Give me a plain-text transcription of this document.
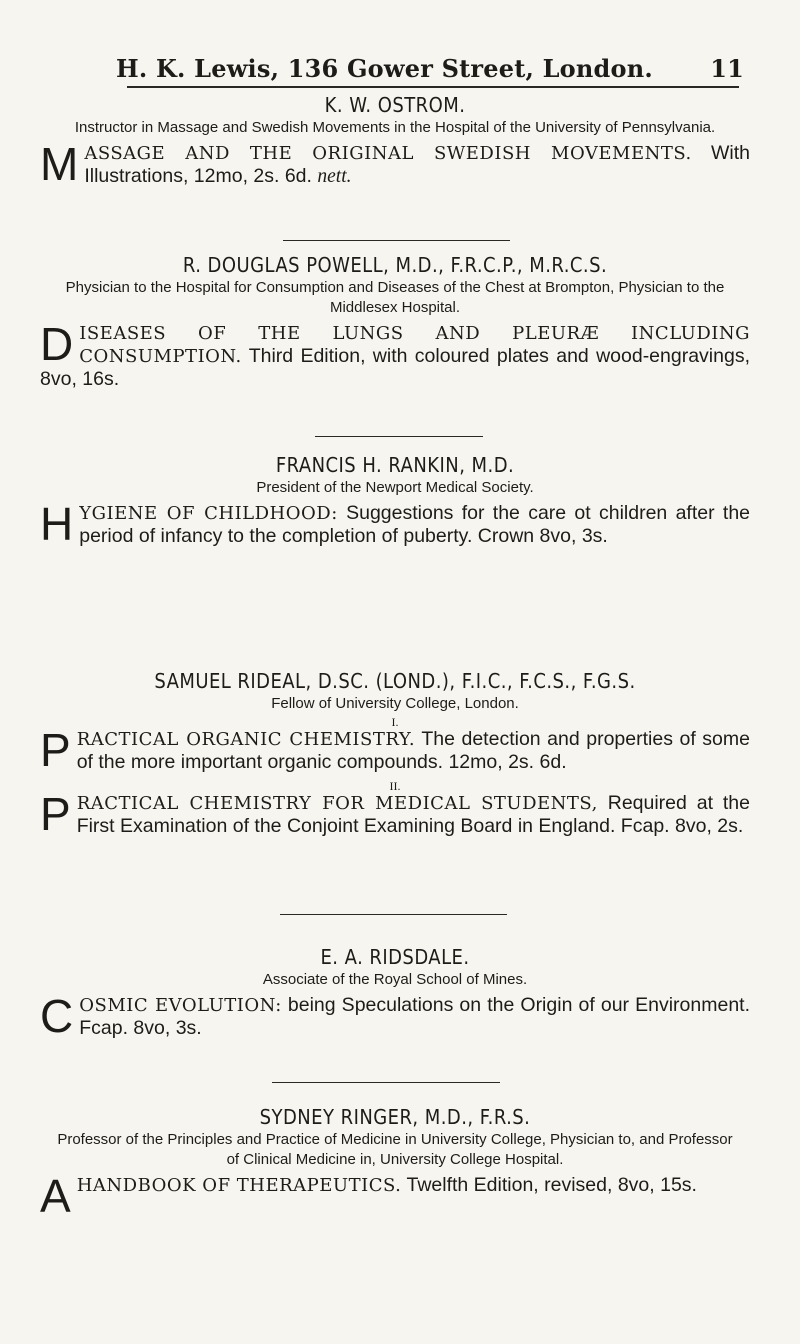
H. K. Lewis, 136 Gower Street, London. 11
K. W. OSTROM.
Instructor in Massage and Swedish Movements in the Hospital of the University of Pennsylvania.
M ASSAGE AND THE ORIGINAL SWEDISH MOVEMENTS. With Illustrations, 12mo, 2s. 6d. nett.
R. DOUGLAS POWELL, M.D., F.R.C.P., M.R.C.S.
Physician to the Hospital for Consumption and Diseases of the Chest at Brompton, Physician to the Middlesex Hospital.
D ISEASES OF THE LUNGS AND PLEURÆ INCLUDING CONSUMPTION. Third Edition, with coloured plates and wood-engravings, 8vo, 16s.
FRANCIS H. RANKIN, M.D.
President of the Newport Medical Society.
H YGIENE OF CHILDHOOD: Suggestions for the care ot children after the period of infancy to the completion of puberty. Crown 8vo, 3s.
SAMUEL RIDEAL, D.SC. (LOND.), F.I.C., F.C.S., F.G.S.
Fellow of University College, London.
I.
P RACTICAL ORGANIC CHEMISTRY. The detection and properties of some of the more important organic compounds. 12mo, 2s. 6d.
II.
P RACTICAL CHEMISTRY FOR MEDICAL STUDENTS, Required at the First Examination of the Conjoint Examining Board in England. Fcap. 8vo, 2s.
E. A. RIDSDALE.
Associate of the Royal School of Mines.
C OSMIC EVOLUTION: being Speculations on the Origin of our Environment. Fcap. 8vo, 3s.
SYDNEY RINGER, M.D., F.R.S.
Professor of the Principles and Practice of Medicine in University College, Physician to, and Professor of Clinical Medicine in, University College Hospital.
A HANDBOOK OF THERAPEUTICS. Twelfth Edition, revised, 8vo, 15s.
